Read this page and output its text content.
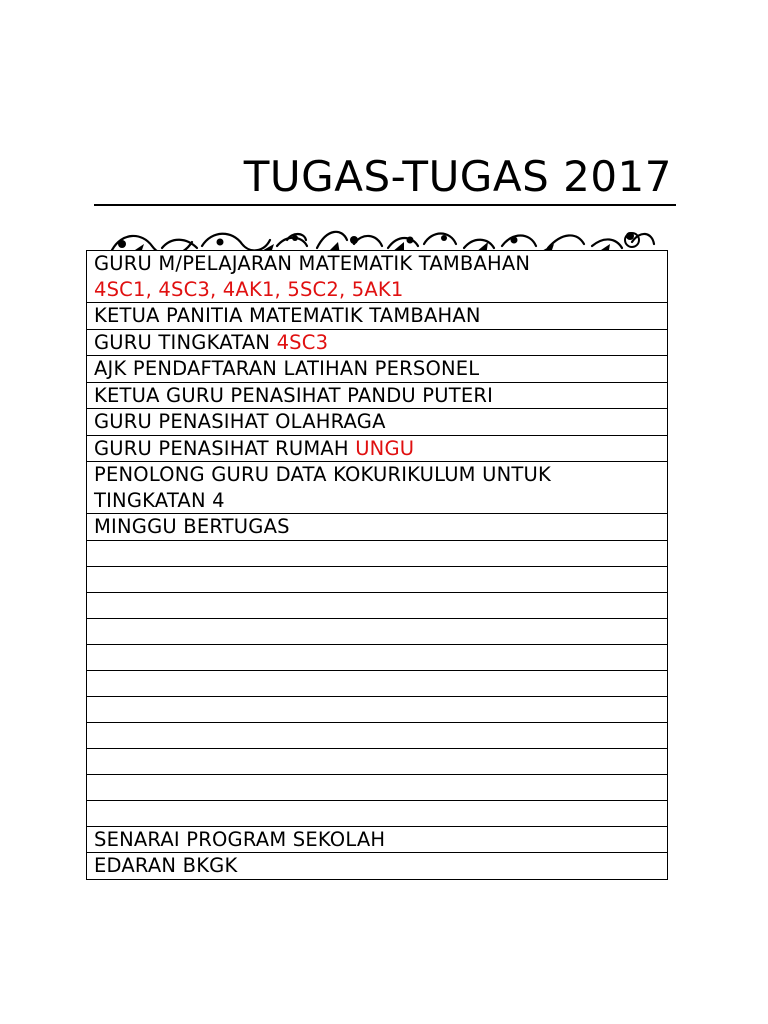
TUGAS-TUGAS 2017
GURU M/PELAJARAN MATEMATIK TAMBAHAN
4SC1, 4SC3, 4AK1, 5SC2, 5AK1
KETUA PANITIA MATEMATIK TAMBAHAN
GURU TINGKATAN 4SC3
AJK PENDAFTARAN LATIHAN PERSONEL
KETUA GURU PENASIHAT PANDU PUTERI
GURU PENASIHAT OLAHRAGA
GURU PENASIHAT RUMAH UNGU
PENOLONG GURU DATA KOKURIKULUM UNTUK
TINGKATAN 4
MINGGU BERTUGAS

SENARAI PROGRAM SEKOLAH
EDARAN BKGK
